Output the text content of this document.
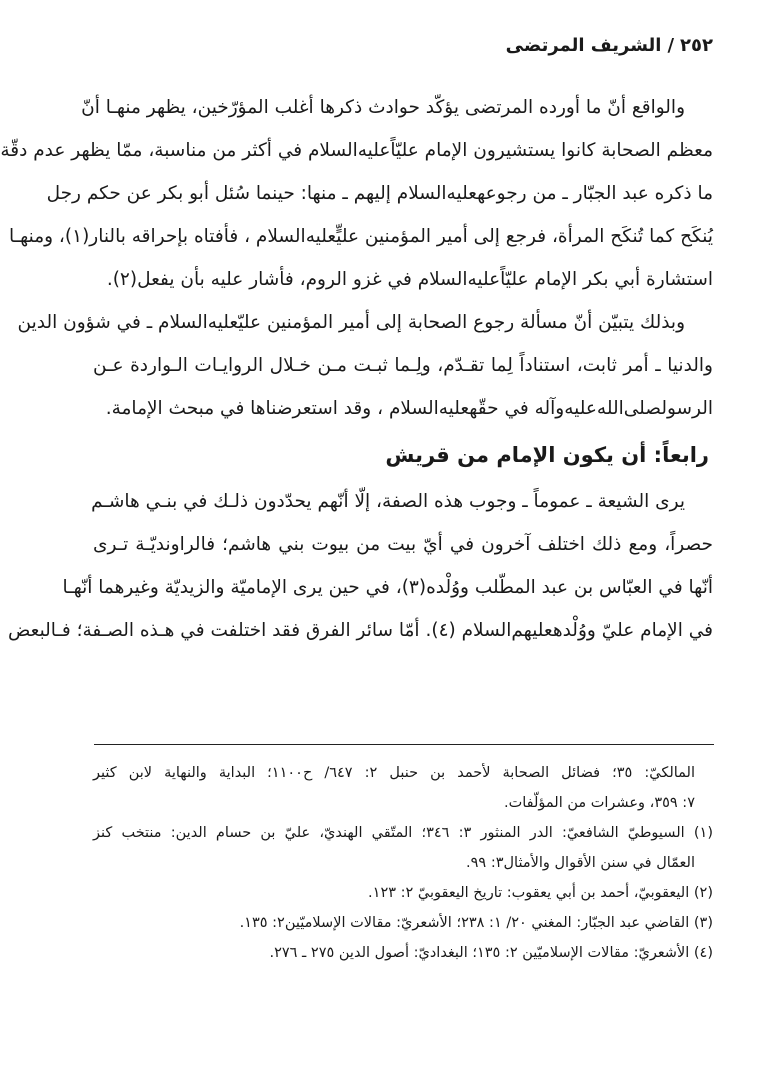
٢٥٢/الشريف المرتضى
والواقع أنّ ما أورده المرتضى يؤكّد حوادث ذكرها أغلب المؤرّخين، يظهر منهـا أنّ
معظم الصحابة كانوا يستشيرون الإمام عليّاًعليه‌السلام في أكثر من مناسبة، ممّا يظهر عدم دقّة
ما ذكره عبد الجبّار ـ من رجوعهعليه‌السلام إليهم ـ منها: حينما سُئل أبو بكر عن حكم رجل
يُنكَح كما تُنكَح المرأة، فرجع إلى أمير المؤمنين عليٍّعليه‌السلام ، فأفتاه بإحراقه بالنار(١)، ومنهـا
استشارة أبي بكر الإمام عليّاًعليه‌السلام في غزو الروم، فأشار عليه بأن يفعل(٢).
وبذلك يتبيّن أنّ مسألة رجوع الصحابة إلى أمير المؤمنين عليّعليه‌السلام ـ في شؤون الدين
والدنيا ـ أمر ثابت، استناداً لِما تقـدّم، ولِـما ثبـت مـن خـلال الروايـات الـواردة عـن
الرسولصلى‌الله‌عليه‌وآله في حقّهعليه‌السلام ، وقد استعرضناها في مبحث الإمامة.
رابعاً: أن يكون الإمام من قريش
يرى الشيعة ـ عموماً ـ وجوب هذه الصفة، إلّا أنّهم يحدّدون ذلـك في بنـي هاشـم
حصراً، ومع ذلك اختلف آخرون في أيّ بيت من بيوت بني هاشم؛ فالراونديّـة تـرى
أنّها في العبّاس بن عبد المطّلب ووُلْده(٣)، في حين يرى الإماميّة والزيديّة وغيرهما أنّهـا
في الإمام عليّ ووُلْدهعليهم‌السلام (٤). أمّا سائر الفرق فقد اختلفت في هـذه الصـفة؛ فـالبعض
المالكيّ: ٣٥؛ فضائل الصحابة لأحمد بن حنبل ٢: ٦٤٧/ ح١١٠٠؛ البداية والنهاية لابن كثير
٧: ٣٥٩، وعشرات من المؤلّفات.
(١) السيوطيّ الشافعيّ: الدر المنثور ٣: ٣٤٦؛ المتّقي الهنديّ، عليّ بن حسام الدين: منتخب كنز
العمّال في سنن الأقوال والأمثال٣: ٩٩.
(٢) اليعقوبيّ، أحمد بن أبي يعقوب: تاريخ اليعقوبيّ ٢: ١٢٣.
(٣) القاضي عبد الجبّار: المغني ٢٠/ ١: ٢٣٨؛ الأشعريّ: مقالات الإسلاميّين٢: ١٣٥.
(٤) الأشعريّ: مقالات الإسلاميّين ٢: ١٣٥؛ البغداديّ: أصول الدين ٢٧٥ ـ ٢٧٦.
